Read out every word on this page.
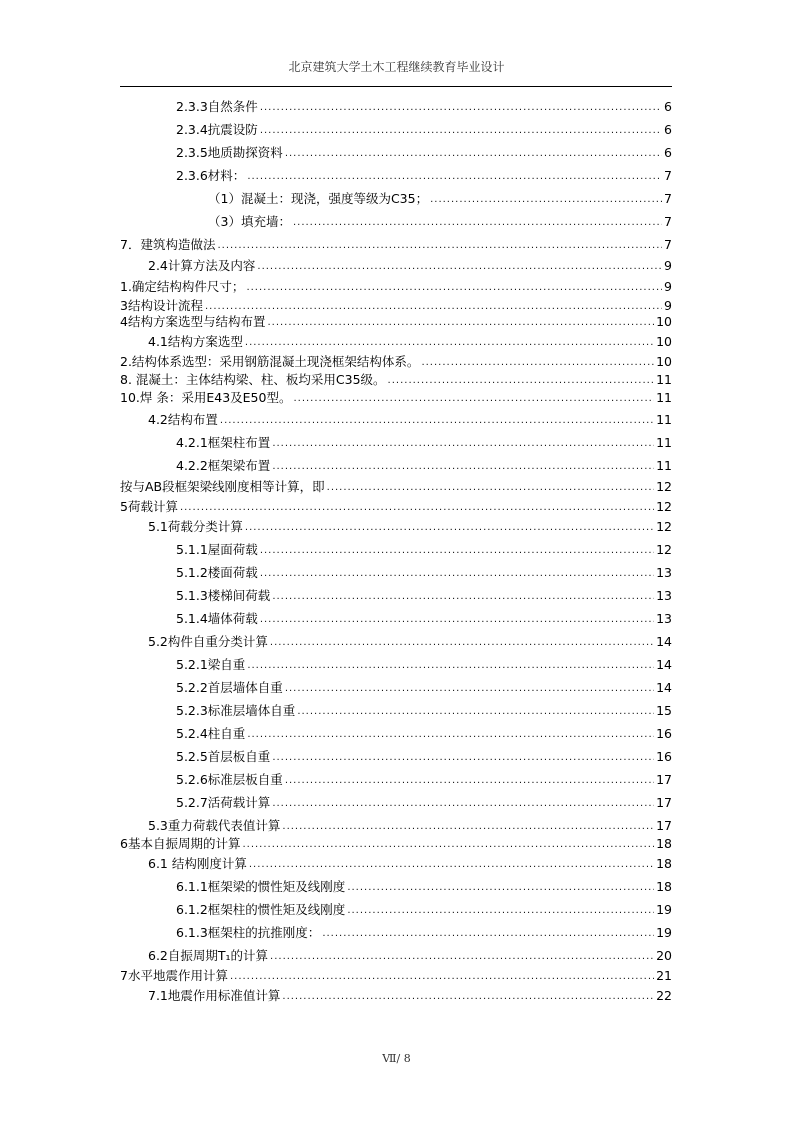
北京建筑大学土木工程继续教育毕业设计
2.3.3自然条件 .....	6
2.3.4抗震设防 .....	6
2.3.5地质勘探资料 .....	6
2.3.6材料： .....	7
（1）混凝土：现浇，强度等级为C35； .....	7
（3）填充墙： .....	7
7．建筑构造做法 .....	7
2.4计算方法及内容 .....	9
1.确定结构构件尺寸； .....	9
3结构设计流程 .....	9
4结构方案选型与结构布置 .....	10
4.1结构方案选型 .....	10
2.结构体系选型：采用钢筋混凝土现浇框架结构体系。 .....	10
8. 混凝土：主体结构梁、柱、板均采用C35级。 .....	11
10.焊 条：采用E43及E50型。 .....	11
4.2结构布置 .....	11
4.2.1框架柱布置 .....	11
4.2.2框架梁布置 .....	11
按与AB段框架梁线刚度相等计算，即 .....	12
5荷载计算 .....	12
5.1荷载分类计算 .....	12
5.1.1屋面荷载 .....	12
5.1.2楼面荷载 .....	13
5.1.3楼梯间荷载 .....	13
5.1.4墙体荷载 .....	13
5.2构件自重分类计算 .....	14
5.2.1梁自重 .....	14
5.2.2首层墙体自重 .....	14
5.2.3标准层墙体自重 .....	15
5.2.4柱自重 .....	16
5.2.5首层板自重 .....	16
5.2.6标准层板自重 .....	17
5.2.7活荷载计算 .....	17
5.3重力荷载代表值计算 .....	17
6基本自振周期的计算 .....	18
6.1 结构刚度计算 .....	18
6.1.1框架梁的惯性矩及线刚度 .....	18
6.1.2框架柱的惯性矩及线刚度 .....	19
6.1.3框架柱的抗推刚度： .....	19
6.2自振周期T₁的计算 .....	20
7水平地震作用计算 .....	21
7.1地震作用标准值计算 .....	22
Ⅶ/ 8
